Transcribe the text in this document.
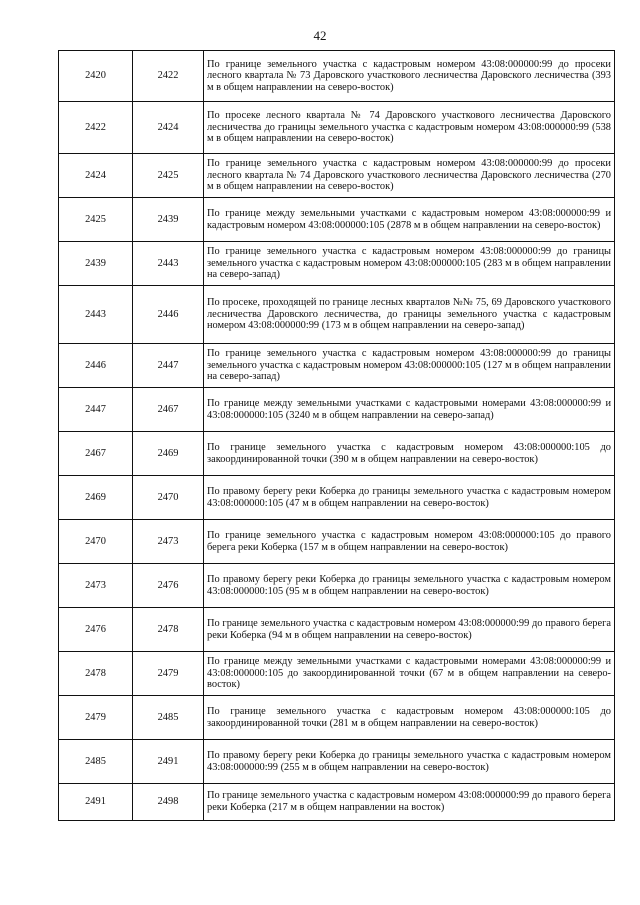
42
2420	2422	По границе земельного участка с кадастровым номером 43:08:000000:99 до просеки лесного квартала № 73 Даровского участкового лесничества Даровского лесничества (393 м в общем направлении на северо-восток)
2422	2424	По просеке лесного квартала № 74 Даровского участкового лесничества Даровского лесничества до границы земельного участка с кадастровым номером 43:08:000000:99 (538 м в общем направлении на северо-восток)
2424	2425	По границе земельного участка с кадастровым номером 43:08:000000:99 до просеки лесного квартала № 74 Даровского участкового лесничества Даровского лесничества (270 м в общем направлении на северо-восток)
2425	2439	По границе между земельными участками с кадастровым номером 43:08:000000:99 и кадастровым номером 43:08:000000:105 (2878 м в общем направлении на северо-восток)
2439	2443	По границе земельного участка с кадастровым номером 43:08:000000:99 до границы земельного участка с кадастровым номером 43:08:000000:105 (283 м в общем направлении на северо-запад)
2443	2446	По просеке, проходящей по границе лесных кварталов №№ 75, 69 Даровского участкового лесничества Даровского лесничества, до границы земельного участка с кадастровым номером 43:08:000000:99 (173 м в общем направлении на северо-запад)
2446	2447	По границе земельного участка с кадастровым номером 43:08:000000:99 до границы земельного участка с кадастровым номером 43:08:000000:105 (127 м в общем направлении на северо-запад)
2447	2467	По границе между земельными участками с кадастровыми номерами 43:08:000000:99 и 43:08:000000:105 (3240 м в общем направлении на северо-запад)
2467	2469	По границе земельного участка с кадастровым номером 43:08:000000:105 до закоординированной точки (390 м в общем направлении на северо-восток)
2469	2470	По правому берегу реки Коберка до границы земельного участка с кадастровым номером 43:08:000000:105 (47 м в общем направлении на северо-восток)
2470	2473	По границе земельного участка с кадастровым номером 43:08:000000:105 до правого берега реки Коберка (157 м в общем направлении на северо-восток)
2473	2476	По правому берегу реки Коберка до границы земельного участка с кадастровым номером 43:08:000000:105 (95 м в общем направлении на северо-восток)
2476	2478	По границе земельного участка с кадастровым номером 43:08:000000:99 до правого берега реки Коберка (94 м в общем направлении на северо-восток)
2478	2479	По границе между земельными участками с кадастровыми номерами 43:08:000000:99 и 43:08:000000:105 до закоординированной точки (67 м в общем направлении на северо-восток)
2479	2485	По границе земельного участка с кадастровым номером 43:08:000000:105 до закоординированной точки (281 м в общем направлении на северо-восток)
2485	2491	По правому берегу реки Коберка до границы земельного участка с кадастровым номером 43:08:000000:99 (255 м в общем направлении на северо-восток)
2491	2498	По границе земельного участка с кадастровым номером 43:08:000000:99 до правого берега реки Коберка (217 м в общем направлении на восток)
